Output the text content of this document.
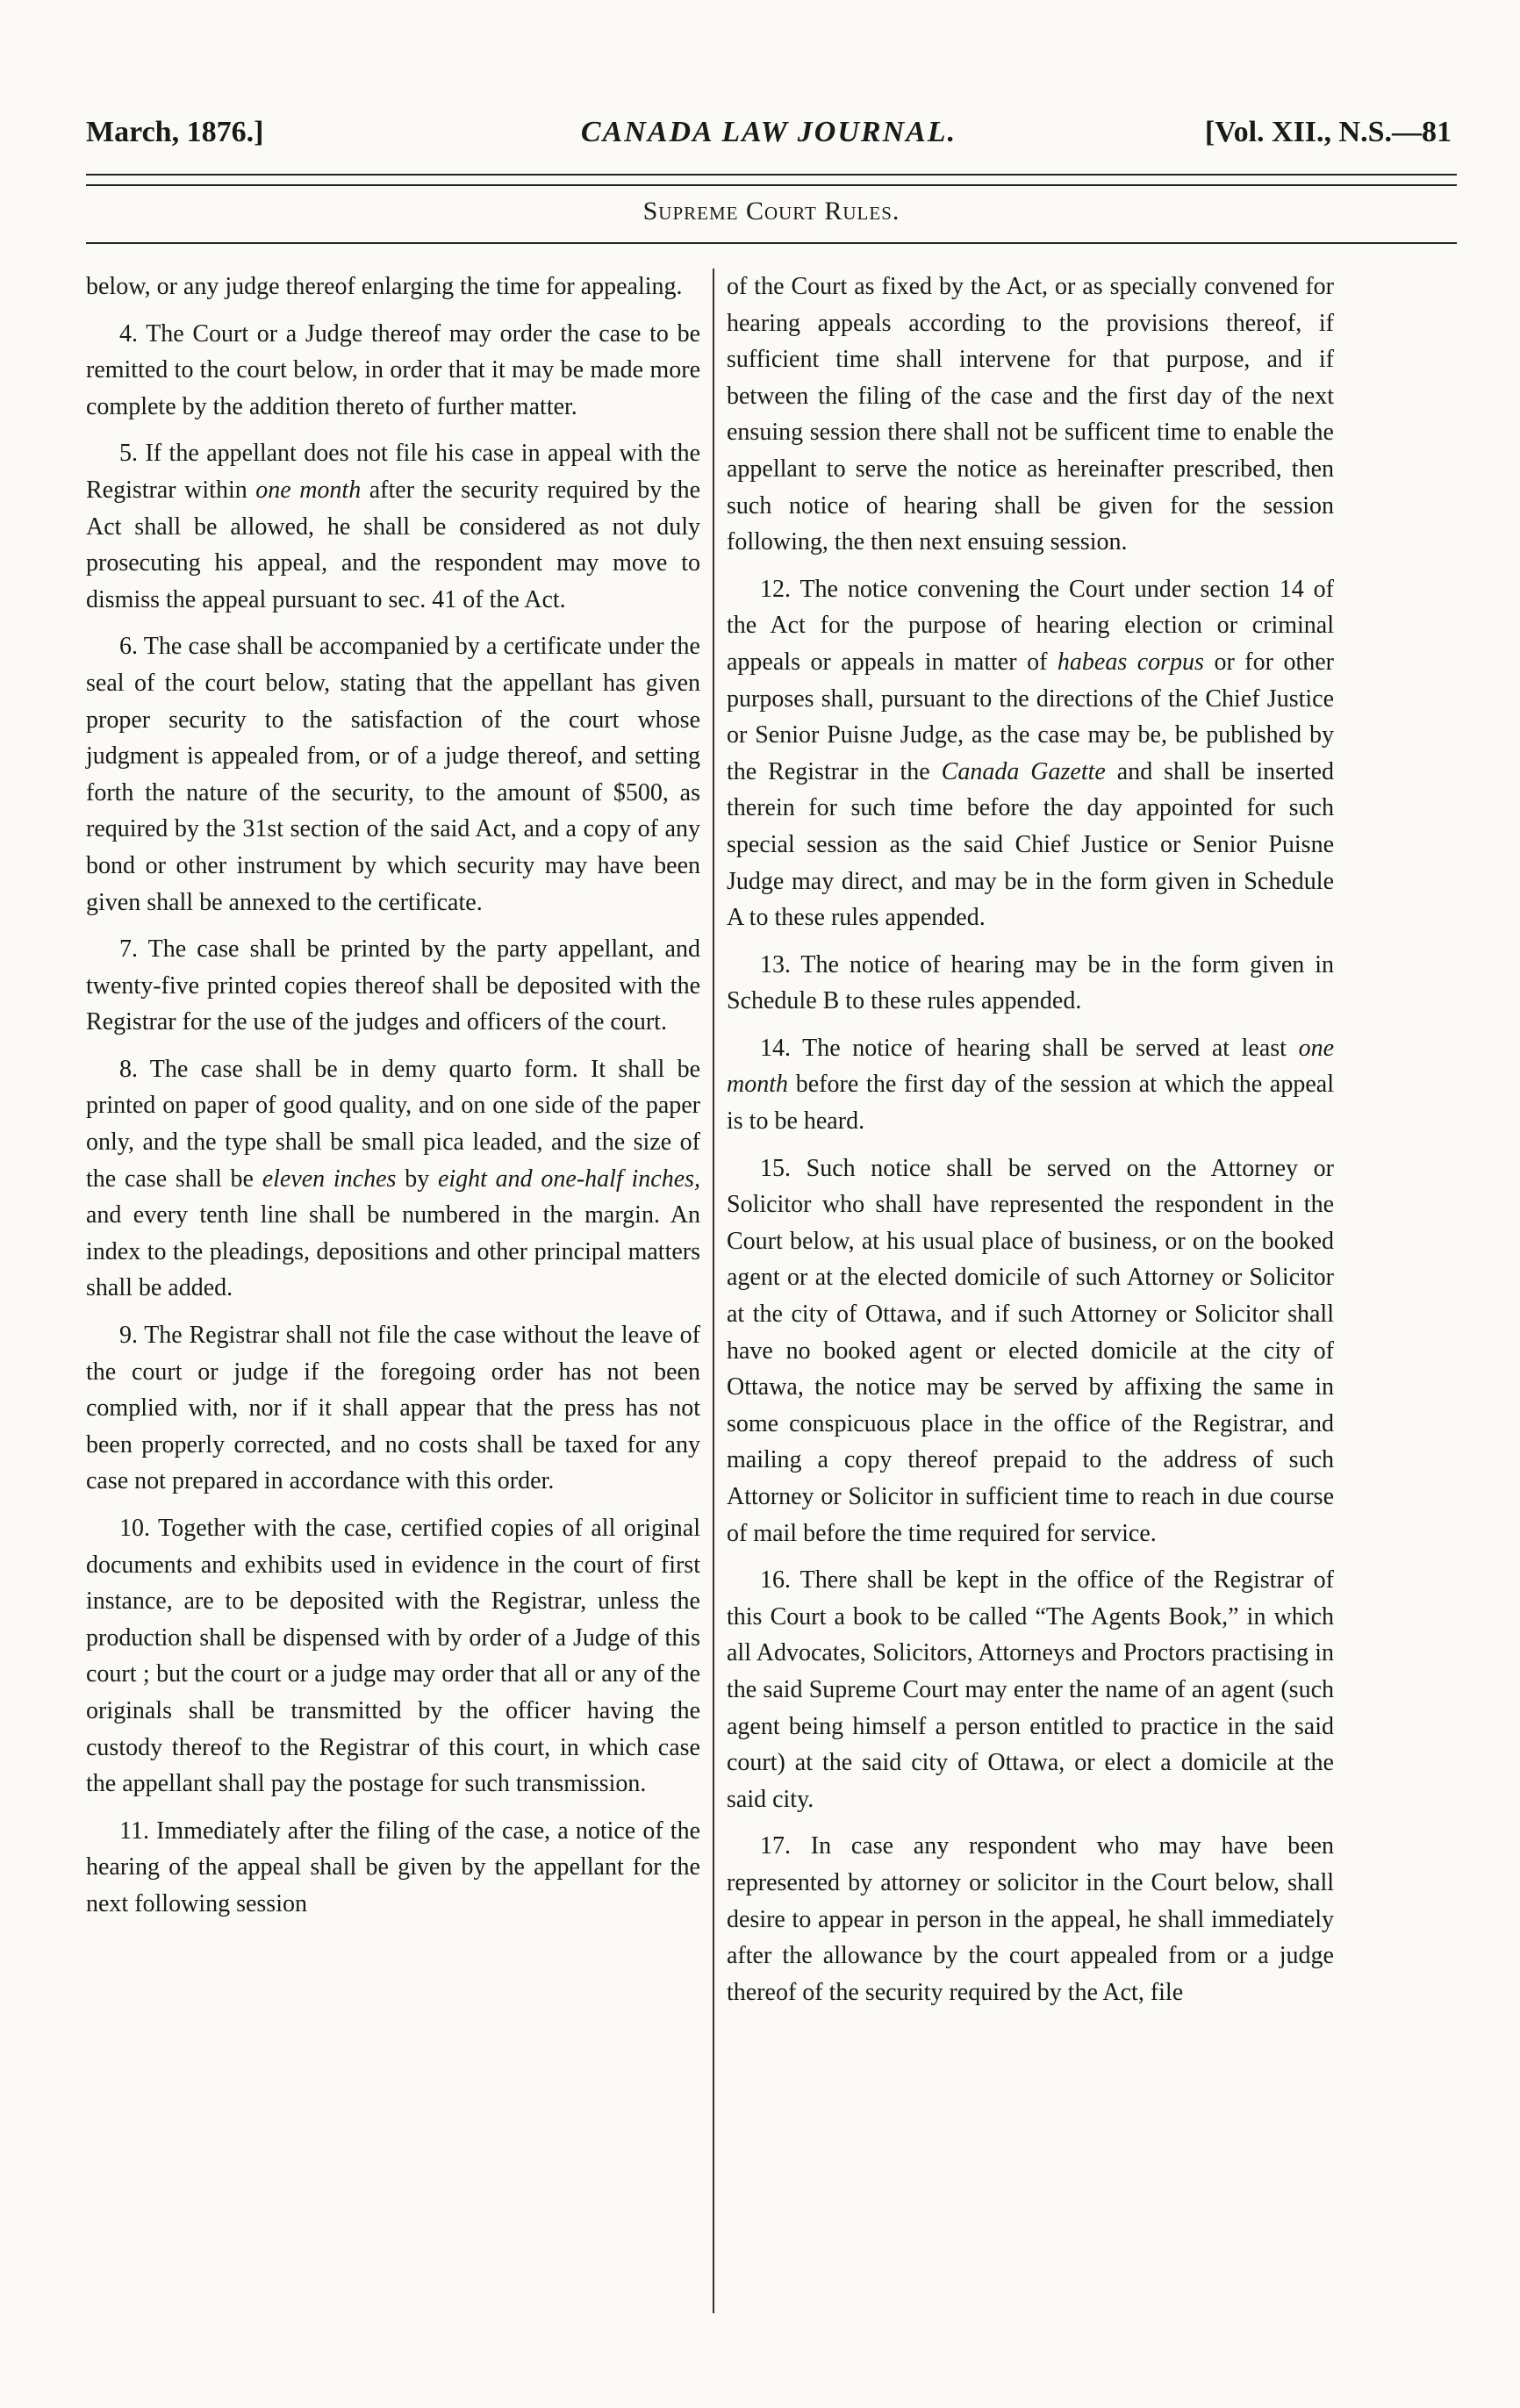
March, 1876.]	CANADA LAW JOURNAL.	[Vol. XII., N.S.—81
Supreme Court Rules.

below, or any judge thereof enlarging the time for appealing.

4. The Court or a Judge thereof may order the case to be remitted to the court below, in order that it may be made more complete by the addition thereto of further matter.

5. If the appellant does not file his case in appeal with the Registrar within one month after the security required by the Act shall be allowed, he shall be considered as not duly prosecuting his appeal, and the respondent may move to dismiss the appeal pursuant to sec. 41 of the Act.

6. The case shall be accompanied by a certificate under the seal of the court below, stating that the appellant has given proper security to the satisfaction of the court whose judgment is appealed from, or of a judge thereof, and setting forth the nature of the security, to the amount of $500, as required by the 31st section of the said Act, and a copy of any bond or other instrument by which security may have been given shall be annexed to the certificate.

7. The case shall be printed by the party appellant, and twenty-five printed copies thereof shall be deposited with the Registrar for the use of the judges and officers of the court.

8. The case shall be in demy quarto form. It shall be printed on paper of good quality, and on one side of the paper only, and the type shall be small pica leaded, and the size of the case shall be eleven inches by eight and one-half inches, and every tenth line shall be numbered in the margin. An index to the pleadings, depositions and other principal matters shall be added.

9. The Registrar shall not file the case without the leave of the court or judge if the foregoing order has not been complied with, nor if it shall appear that the press has not been properly corrected, and no costs shall be taxed for any case not prepared in accordance with this order.

10. Together with the case, certified copies of all original documents and exhibits used in evidence in the court of first instance, are to be deposited with the Registrar, unless the production shall be dispensed with by order of a Judge of this court ; but the court or a judge may order that all or any of the originals shall be transmitted by the officer having the custody thereof to the Registrar of this court, in which case the appellant shall pay the postage for such transmission.

11. Immediately after the filing of the case, a notice of the hearing of the appeal shall be given by the appellant for the next following session

of the Court as fixed by the Act, or as specially convened for hearing appeals according to the provisions thereof, if sufficient time shall intervene for that purpose, and if between the filing of the case and the first day of the next ensuing session there shall not be sufficent time to enable the appellant to serve the notice as hereinafter prescribed, then such notice of hearing shall be given for the session following, the then next ensuing session.

12. The notice convening the Court under section 14 of the Act for the purpose of hearing election or criminal appeals or appeals in matter of habeas corpus or for other purposes shall, pursuant to the directions of the Chief Justice or Senior Puisne Judge, as the case may be, be published by the Registrar in the Canada Gazette and shall be inserted therein for such time before the day appointed for such special session as the said Chief Justice or Senior Puisne Judge may direct, and may be in the form given in Schedule A to these rules appended.

13. The notice of hearing may be in the form given in Schedule B to these rules appended.

14. The notice of hearing shall be served at least one month before the first day of the session at which the appeal is to be heard.

15. Such notice shall be served on the Attorney or Solicitor who shall have represented the respondent in the Court below, at his usual place of business, or on the booked agent or at the elected domicile of such Attorney or Solicitor at the city of Ottawa, and if such Attorney or Solicitor shall have no booked agent or elected domicile at the city of Ottawa, the notice may be served by affixing the same in some conspicuous place in the office of the Registrar, and mailing a copy thereof prepaid to the address of such Attorney or Solicitor in sufficient time to reach in due course of mail before the time required for service.

16. There shall be kept in the office of the Registrar of this Court a book to be called “The Agents Book,” in which all Advocates, Solicitors, Attorneys and Proctors practising in the said Supreme Court may enter the name of an agent (such agent being himself a person entitled to practice in the said court) at the said city of Ottawa, or elect a domicile at the said city.

17. In case any respondent who may have been represented by attorney or solicitor in the Court below, shall desire to appear in person in the appeal, he shall immediately after the allowance by the court appealed from or a judge thereof of the security required by the Act, file
